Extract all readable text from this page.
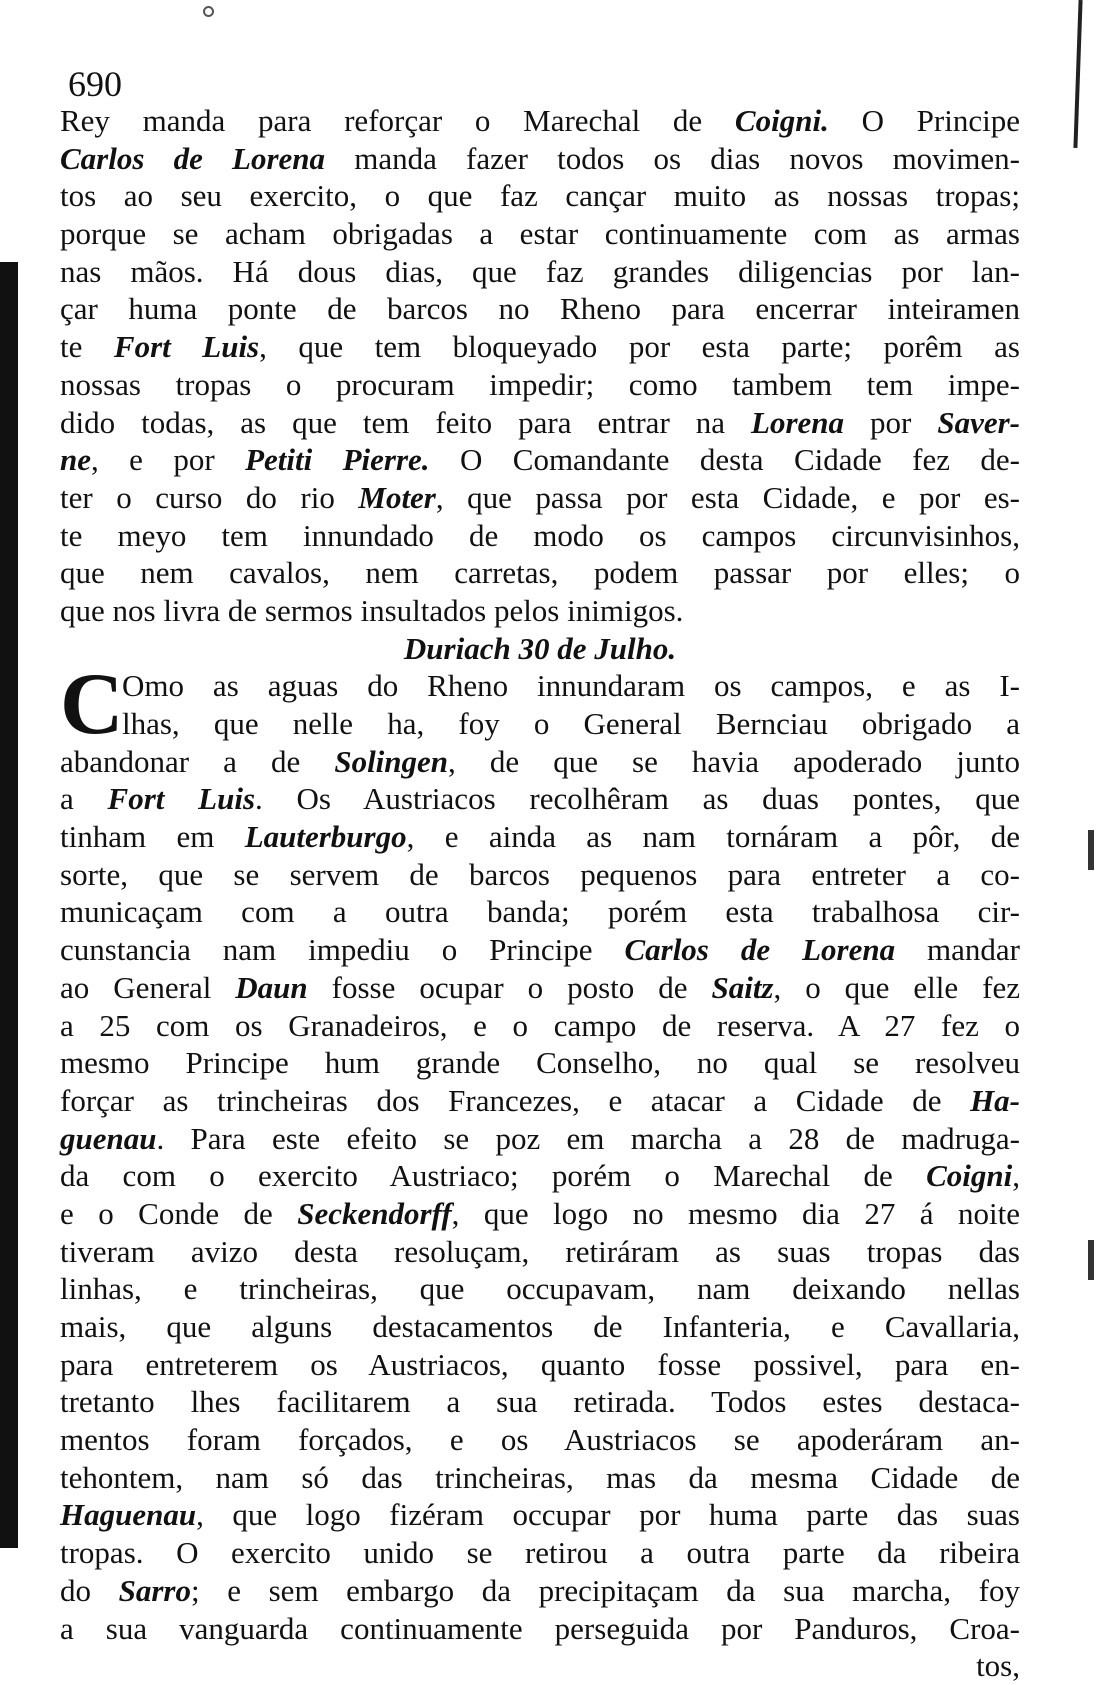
690
Rey manda para reforçar o Marechal de Coigni. O Principe
Carlos de Lorena manda fazer todos os dias novos movimen-
tos ao seu exercito, o que faz cançar muito as nossas tropas;
porque se acham obrigadas a estar continuamente com as armas
nas mãos. Há dous dias, que faz grandes diligencias por lan-
çar huma ponte de barcos no Rheno para encerrar inteiramen
te Fort Luis, que tem bloqueyado por esta parte; porêm as
nossas tropas o procuram impedir; como tambem tem impe-
dido todas, as que tem feito para entrar na Lorena por Saver-
ne, e por Petiti Pierre. O Comandante desta Cidade fez de-
ter o curso do rio Moter, que passa por esta Cidade, e por es-
te meyo tem innundado de modo os campos circunvisinhos,
que nem cavalos, nem carretas, podem passar por elles; o
que nos livra de sermos insultados pelos inimigos.
Duriach 30 de Julho.
C
Omo as aguas do Rheno innundaram os campos, e as I-
lhas, que nelle ha, foy o General Bernciau obrigado a
abandonar a de Solingen, de que se havia apoderado junto
a Fort Luis. Os Austriacos recolhêram as duas pontes, que
tinham em Lauterburgo, e ainda as nam tornáram a pôr, de
sorte, que se servem de barcos pequenos para entreter a co-
municaçam com a outra banda; porém esta trabalhosa cir-
cunstancia nam impediu o Principe Carlos de Lorena mandar
ao General Daun fosse ocupar o posto de Saitz, o que elle fez
a 25 com os Granadeiros, e o campo de reserva. A 27 fez o
mesmo Principe hum grande Conselho, no qual se resolveu
forçar as trincheiras dos Francezes, e atacar a Cidade de Ha-
guenau. Para este efeito se poz em marcha a 28 de madruga-
da com o exercito Austriaco; porém o Marechal de Coigni,
e o Conde de Seckendorff, que logo no mesmo dia 27 á noite
tiveram avizo desta resoluçam, retiráram as suas tropas das
linhas, e trincheiras, que occupavam, nam deixando nellas
mais, que alguns destacamentos de Infanteria, e Cavallaria,
para entreterem os Austriacos, quanto fosse possivel, para en-
tretanto lhes facilitarem a sua retirada. Todos estes destaca-
mentos foram forçados, e os Austriacos se apoderáram an-
tehontem, nam só das trincheiras, mas da mesma Cidade de
Haguenau, que logo fizéram occupar por huma parte das suas
tropas. O exercito unido se retirou a outra parte da ribeira
do Sarro; e sem embargo da precipitaçam da sua marcha, foy
a sua vanguarda continuamente perseguida por Panduros, Croa-
tos,
